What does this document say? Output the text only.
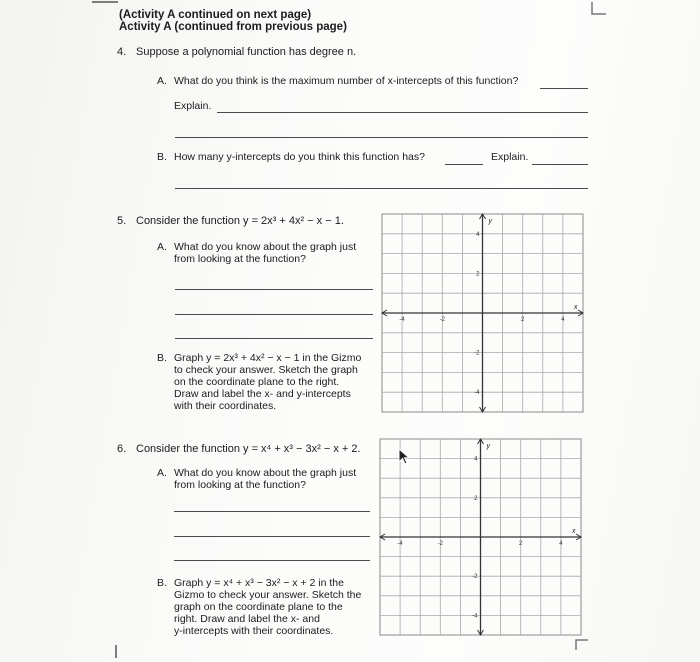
(Activity A continued on next page)
Activity A (continued from previous page)
4. Suppose a polynomial function has degree n.
A. What do you think is the maximum number of x-intercepts of this function?
Explain.
B. How many y-intercepts do you think this function has?	Explain.
5. Consider the function y = 2x³ + 4x² − x − 1.
A. What do you know about the graph just
from looking at the function?
B. Graph y = 2x³ + 4x² − x − 1 in the Gizmo
to check your answer. Sketch the graph
on the coordinate plane to the right.
Draw and label the x- and y-intercepts
with their coordinates.
x
y
-4	-2	2	4
4
2
-2
-4
6. Consider the function y = x⁴ + x³ − 3x² − x + 2.
A. What do you know about the graph just
from looking at the function?
B. Graph y = x⁴ + x³ − 3x² − x + 2 in the
Gizmo to check your answer. Sketch the
graph on the coordinate plane to the
right. Draw and label the x- and
y-intercepts with their coordinates.
x
y
-4	-2	2	4
4
2
-2
-4
